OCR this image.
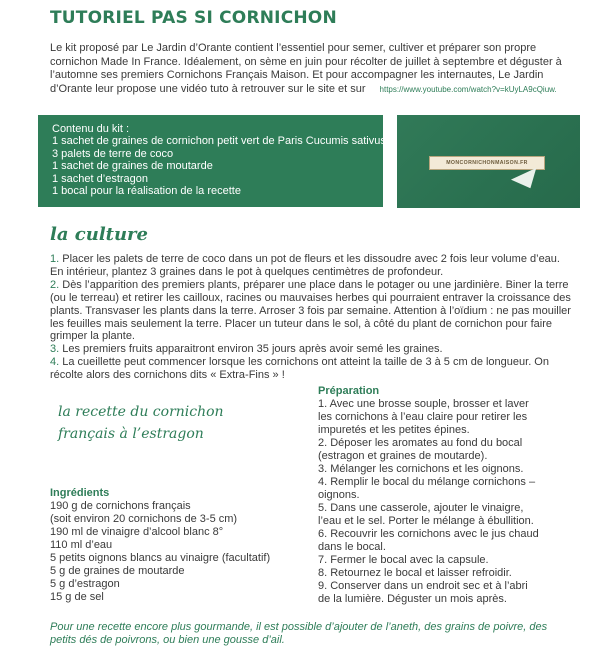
TUTORIEL PAS SI CORNICHON

Le kit proposé par Le Jardin d’Orante contient l’essentiel pour semer, cultiver et préparer son propre cornichon Made In France. Idéalement, on sème en juin pour récolter de juillet à septembre et déguster à l’automne ses premiers Cornichons Français Maison. Et pour accompagner les internautes, Le Jardin d’Orante leur propose une vidéo tuto à retrouver sur le site et sur https://www.youtube.com/watch?v=kUyLA9cQiuw.

Contenu du kit :
1 sachet de graines de cornichon petit vert de Paris Cucumis sativus
3 palets de terre de coco
1 sachet de graines de moutarde
1 sachet d’estragon
1 bocal pour la réalisation de la recette
MONCORNICHONMAISON.FR
la culture

1. Placer les palets de terre de coco dans un pot de fleurs et les dissoudre avec 2 fois leur volume d’eau. En intérieur, plantez 3 graines dans le pot à quelques centimètres de profondeur.

2. Dès l’apparition des premiers plants, préparer une place dans le potager ou une jardinière. Biner la terre (ou le terreau) et retirer les cailloux, racines ou mauvaises herbes qui pourraient entraver la croissance des plants. Transvaser les plants dans la terre. Arroser 3 fois par semaine. Attention à l’oïdium : ne pas mouiller les feuilles mais seulement la terre. Placer un tuteur dans le sol, à côté du plant de cornichon pour faire grimper la plante.

3. Les premiers fruits apparaitront environ 35 jours après avoir semé les graines.

4. La cueillette peut commencer lorsque les cornichons ont atteint la taille de 3 à 5 cm de longueur. On récolte alors des cornichons dits « Extra-Fins » !

la recette du cornichon
français à l’estragon
Ingrédients
190 g de cornichons français
(soit environ 20 cornichons de 3-5 cm)
190 ml de vinaigre d’alcool blanc 8°
110 ml d’eau
5 petits oignons blancs au vinaigre (facultatif)
5 g de graines de moutarde
5 g d’estragon
15 g de sel
Préparation
1. Avec une brosse souple, brosser et laver les cornichons à l’eau claire pour retirer les impuretés et les petites épines.
2. Déposer les aromates au fond du bocal (estragon et graines de moutarde).
3. Mélanger les cornichons et les oignons.
4. Remplir le bocal du mélange cornichons – oignons.
5. Dans une casserole, ajouter le vinaigre, l’eau et le sel. Porter le mélange à ébullition.
6. Recouvrir les cornichons avec le jus chaud dans le bocal.
7. Fermer le bocal avec la capsule.
8. Retournez le bocal et laisser refroidir.
9. Conserver dans un endroit sec et à l’abri de la lumière. Déguster un mois après.

Pour une recette encore plus gourmande, il est possible d’ajouter de l’aneth, des grains de poivre, des petits dés de poivrons, ou bien une gousse d’ail.
